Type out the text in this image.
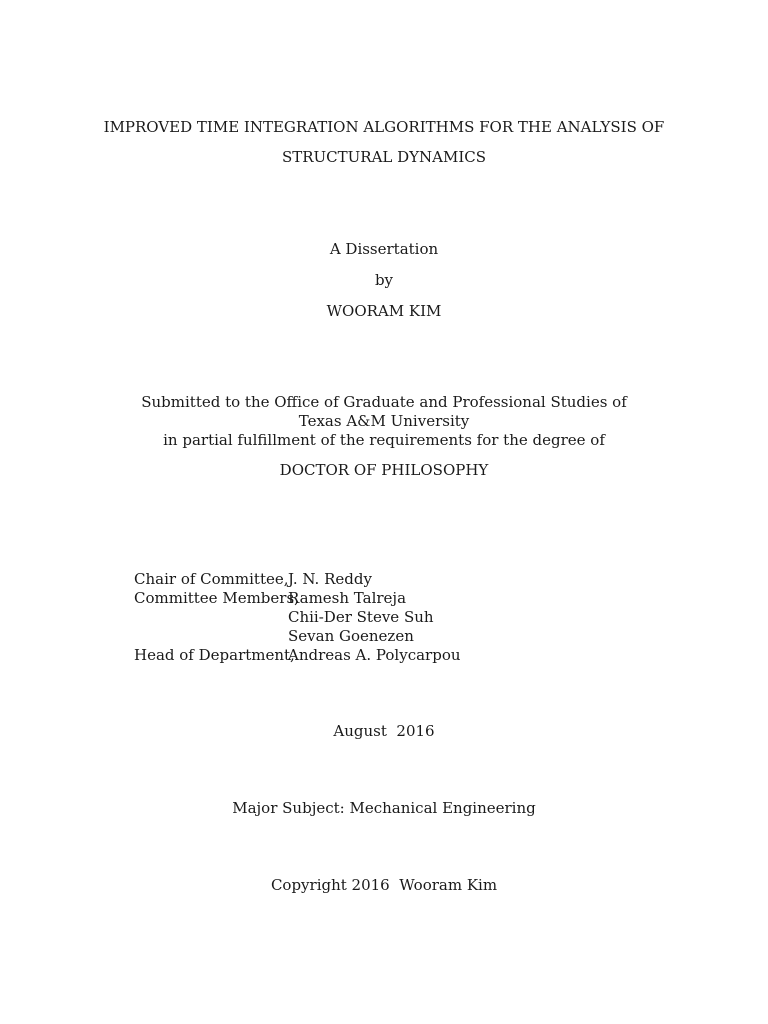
IMPROVED TIME INTEGRATION ALGORITHMS FOR THE ANALYSIS OF
STRUCTURAL DYNAMICS
A Dissertation
by
WOORAM KIM
Submitted to the Office of Graduate and Professional Studies of
Texas A&M University
in partial fulfillment of the requirements for the degree of
DOCTOR OF PHILOSOPHY
Chair of Committee, J. N. Reddy
Committee Members,
Ramesh Talreja
Chii-Der Steve Suh
Sevan Goenezen
Head of Department,
Andreas A. Polycarpou
August  2016
Major Subject: Mechanical Engineering
Copyright 2016  Wooram Kim
